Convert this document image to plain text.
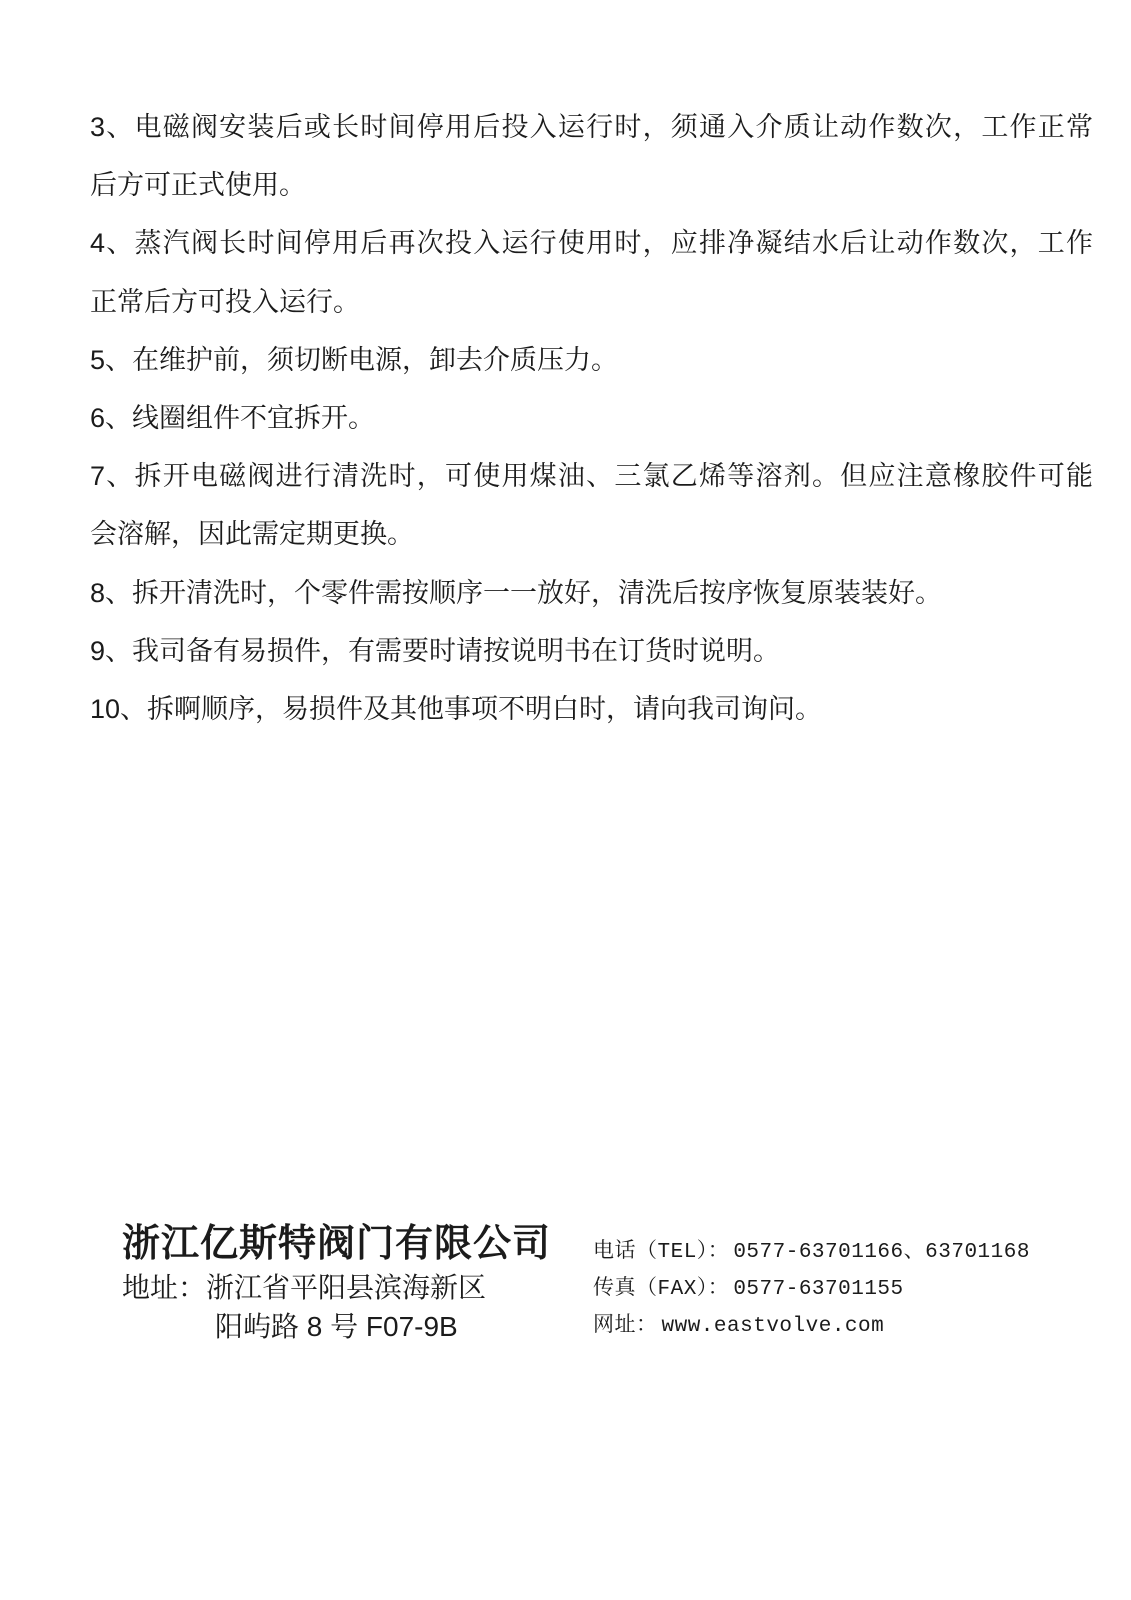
3、电磁阀安装后或长时间停用后投入运行时，须通入介质让动作数次，工作正常
后方可正式使用。
4、蒸汽阀长时间停用后再次投入运行使用时，应排净凝结水后让动作数次，工作
正常后方可投入运行。
5、在维护前，须切断电源，卸去介质压力。
6、线圈组件不宜拆开。
7、拆开电磁阀进行清洗时，可使用煤油、三氯乙烯等溶剂。但应注意橡胶件可能
会溶解，因此需定期更换。
8、拆开清洗时，个零件需按顺序一一放好，清洗后按序恢复原装装好。
9、我司备有易损件，有需要时请按说明书在订货时说明。
10、拆啊顺序，易损件及其他事项不明白时，请向我司询问。
浙江亿斯特阀门有限公司
地址：浙江省平阳县滨海新区
阳屿路 8 号 F07-9B
电话（TEL）： 0577-63701166、63701168
传真（FAX）： 0577-63701155
网址： www.eastvolve.com
